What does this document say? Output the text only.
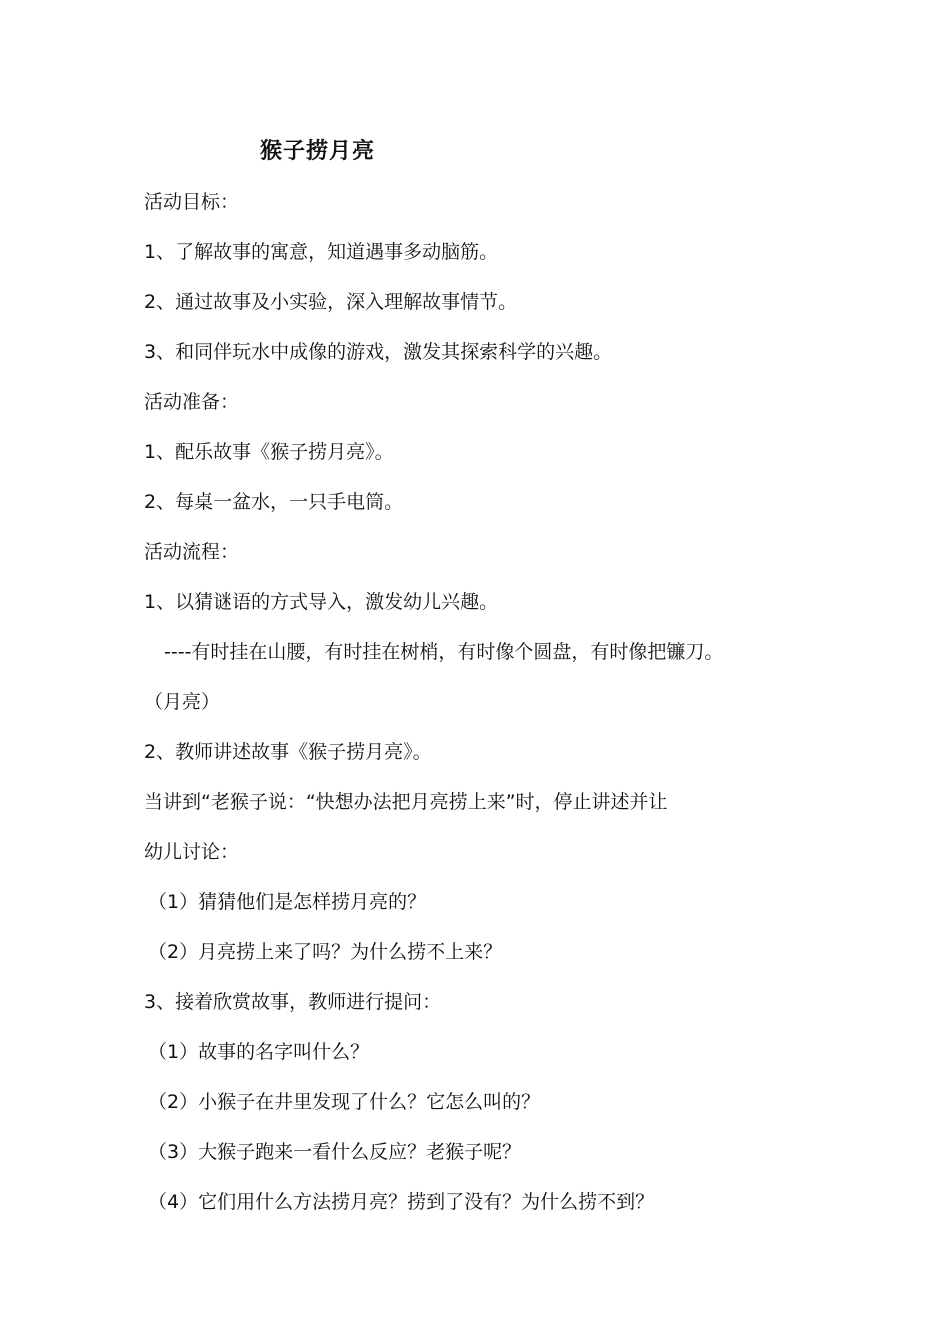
猴子捞月亮
活动目标：
1、了解故事的寓意，知道遇事多动脑筋。
2、通过故事及小实验，深入理解故事情节。
3、和同伴玩水中成像的游戏，激发其探索科学的兴趣。
活动准备：
1、配乐故事《猴子捞月亮》。
2、每桌一盆水，一只手电筒。
活动流程：
1、以猜谜语的方式导入，激发幼儿兴趣。
----有时挂在山腰，有时挂在树梢，有时像个圆盘，有时像把镰刀。
（月亮）
2、教师讲述故事《猴子捞月亮》。
当讲到“老猴子说：“快想办法把月亮捞上来”时，停止讲述并让
幼儿讨论：
（1）猜猜他们是怎样捞月亮的？
（2）月亮捞上来了吗？为什么捞不上来？
3、接着欣赏故事，教师进行提问：
（1）故事的名字叫什么？
（2）小猴子在井里发现了什么？它怎么叫的？
（3）大猴子跑来一看什么反应？老猴子呢？
（4）它们用什么方法捞月亮？捞到了没有？为什么捞不到？
